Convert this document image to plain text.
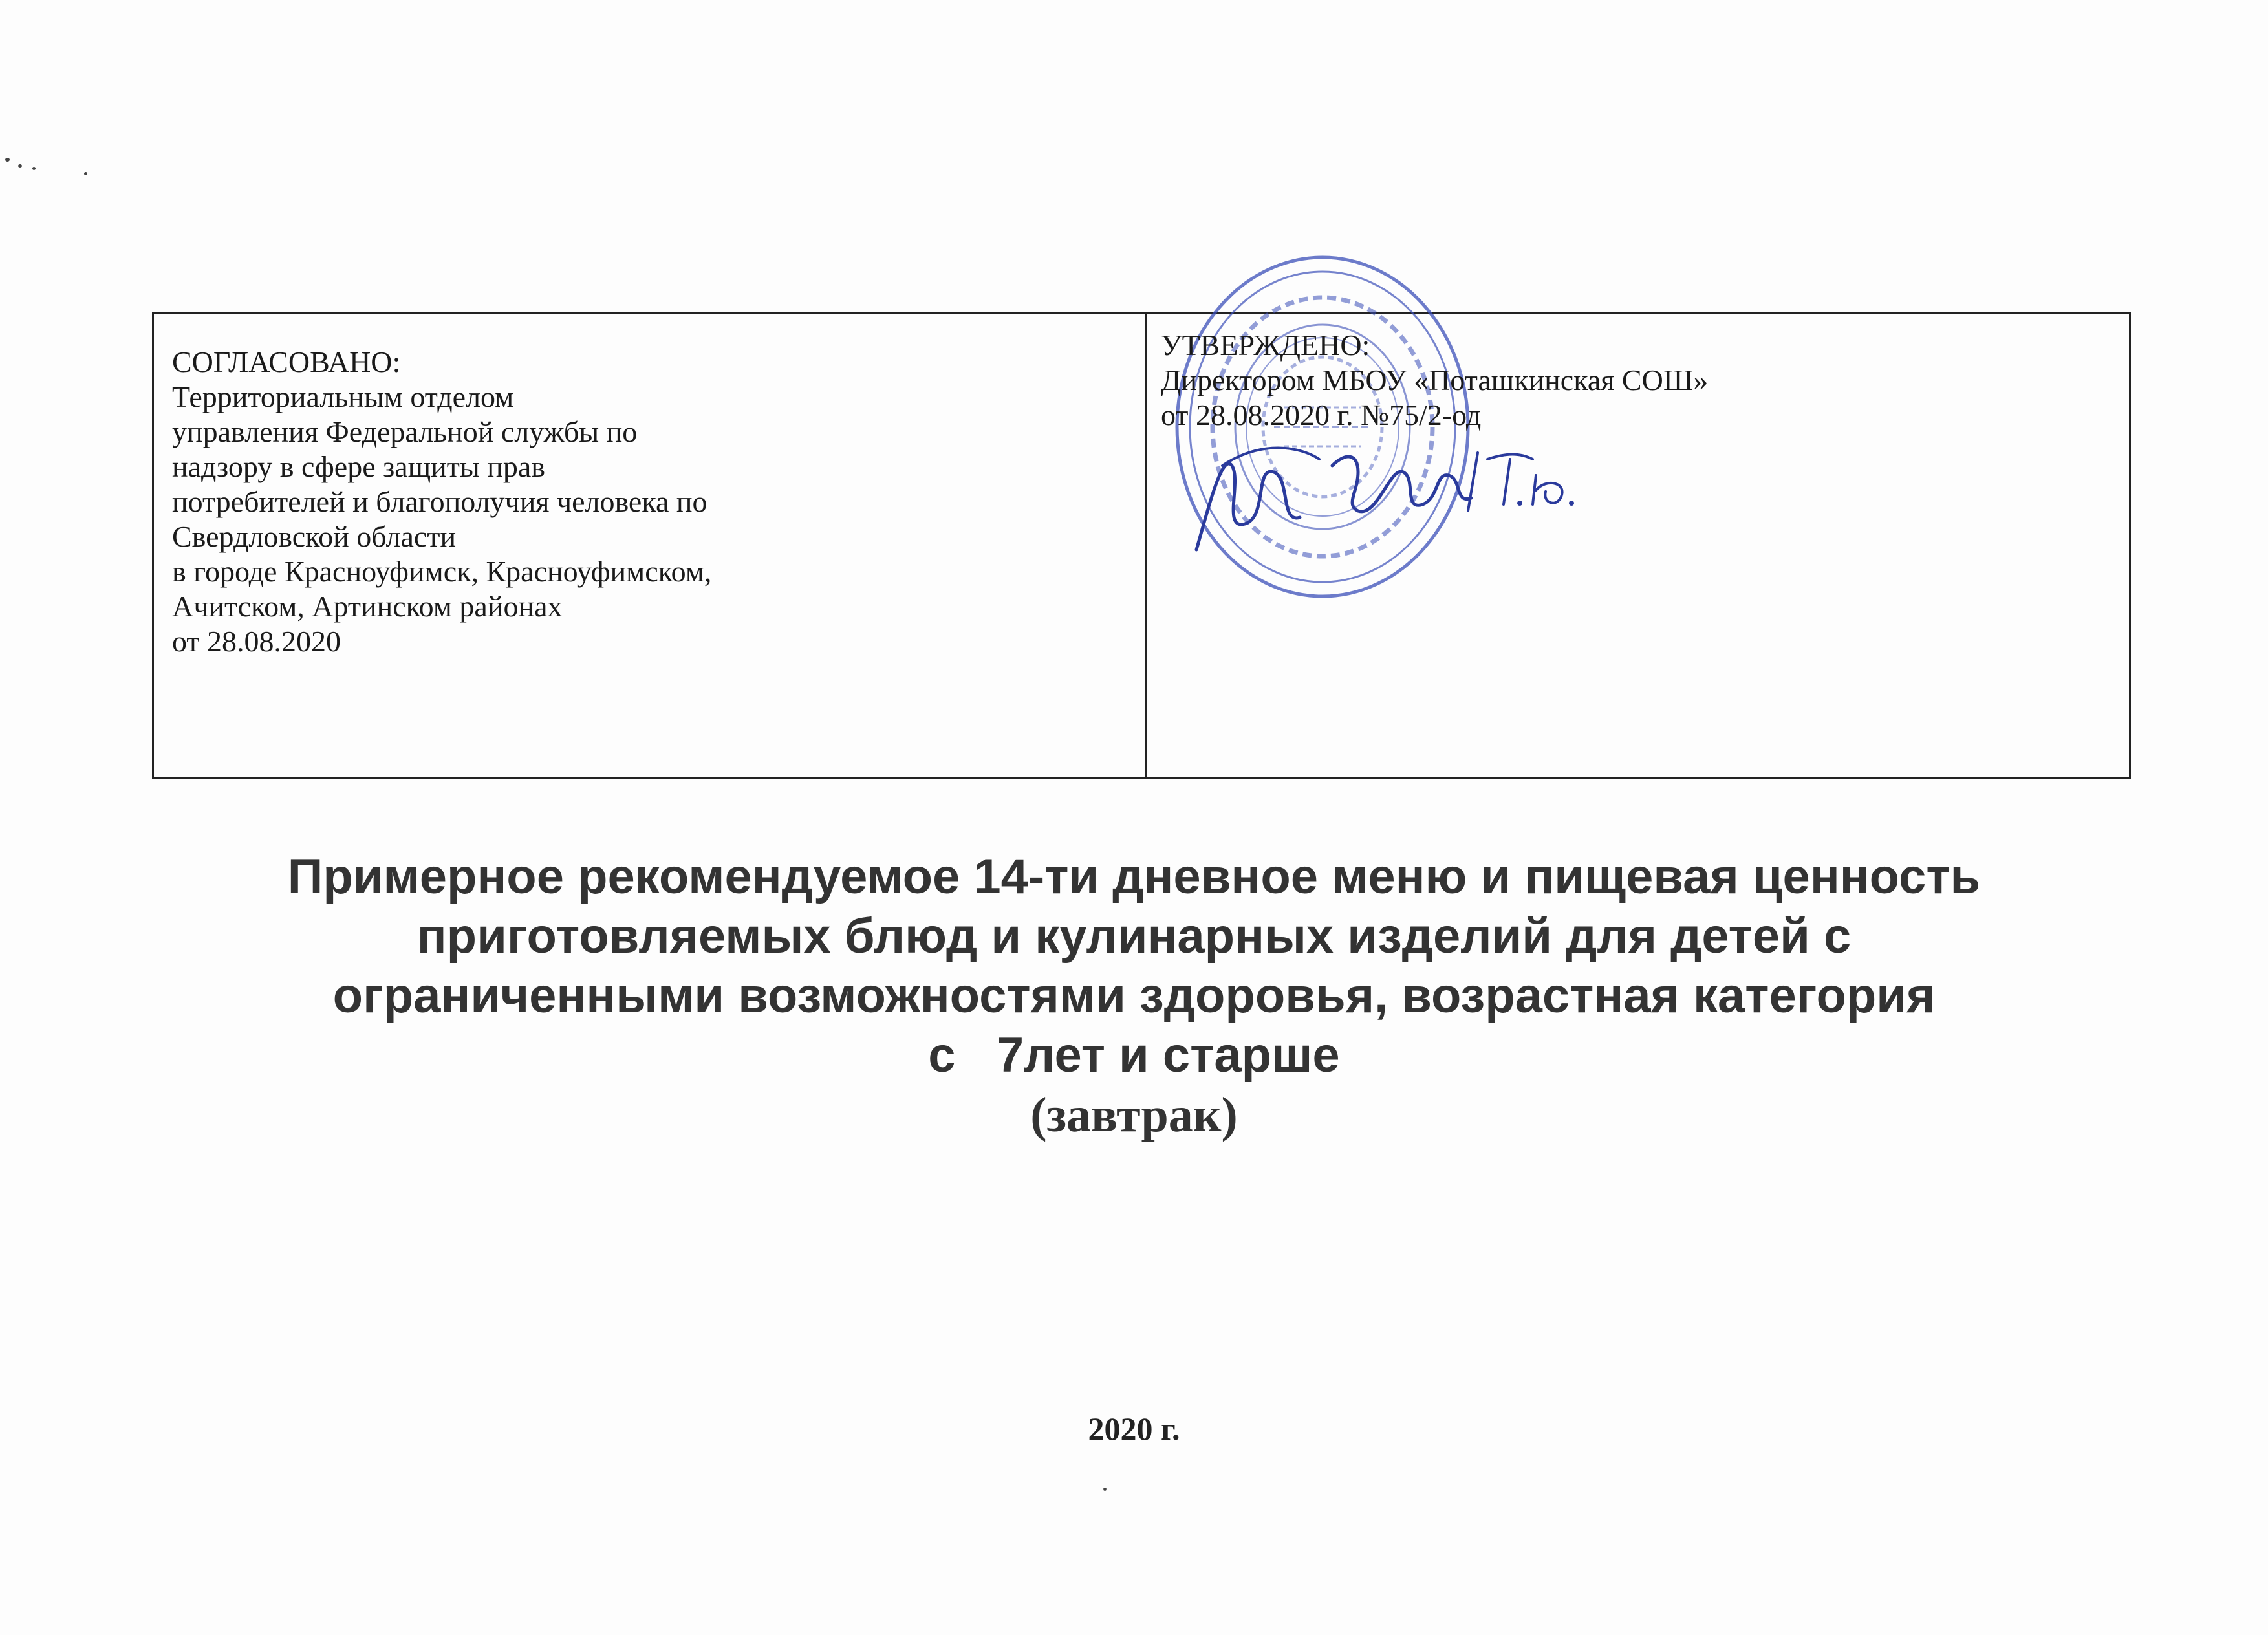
СОГЛАСОВАНО:
Территориальным отделом
управления Федеральной службы по
надзору в сфере защиты прав
потребителей и благополучия человека по
Свердловской области
в городе Красноуфимск, Красноуфимском,
Ачитском, Артинском районах
от 28.08.2020
УТВЕРЖДЕНО:
Директором МБОУ «Поташкинская СОШ»
от 28.08.2020 г. №75/2-од
Примерное рекомендуемое 14-ти дневное меню и пищевая ценность
приготовляемых блюд и кулинарных изделий для детей с
ограниченными возможностями здоровья, возрастная категория
с   7лет и старше
(завтрак)
2020 г.
